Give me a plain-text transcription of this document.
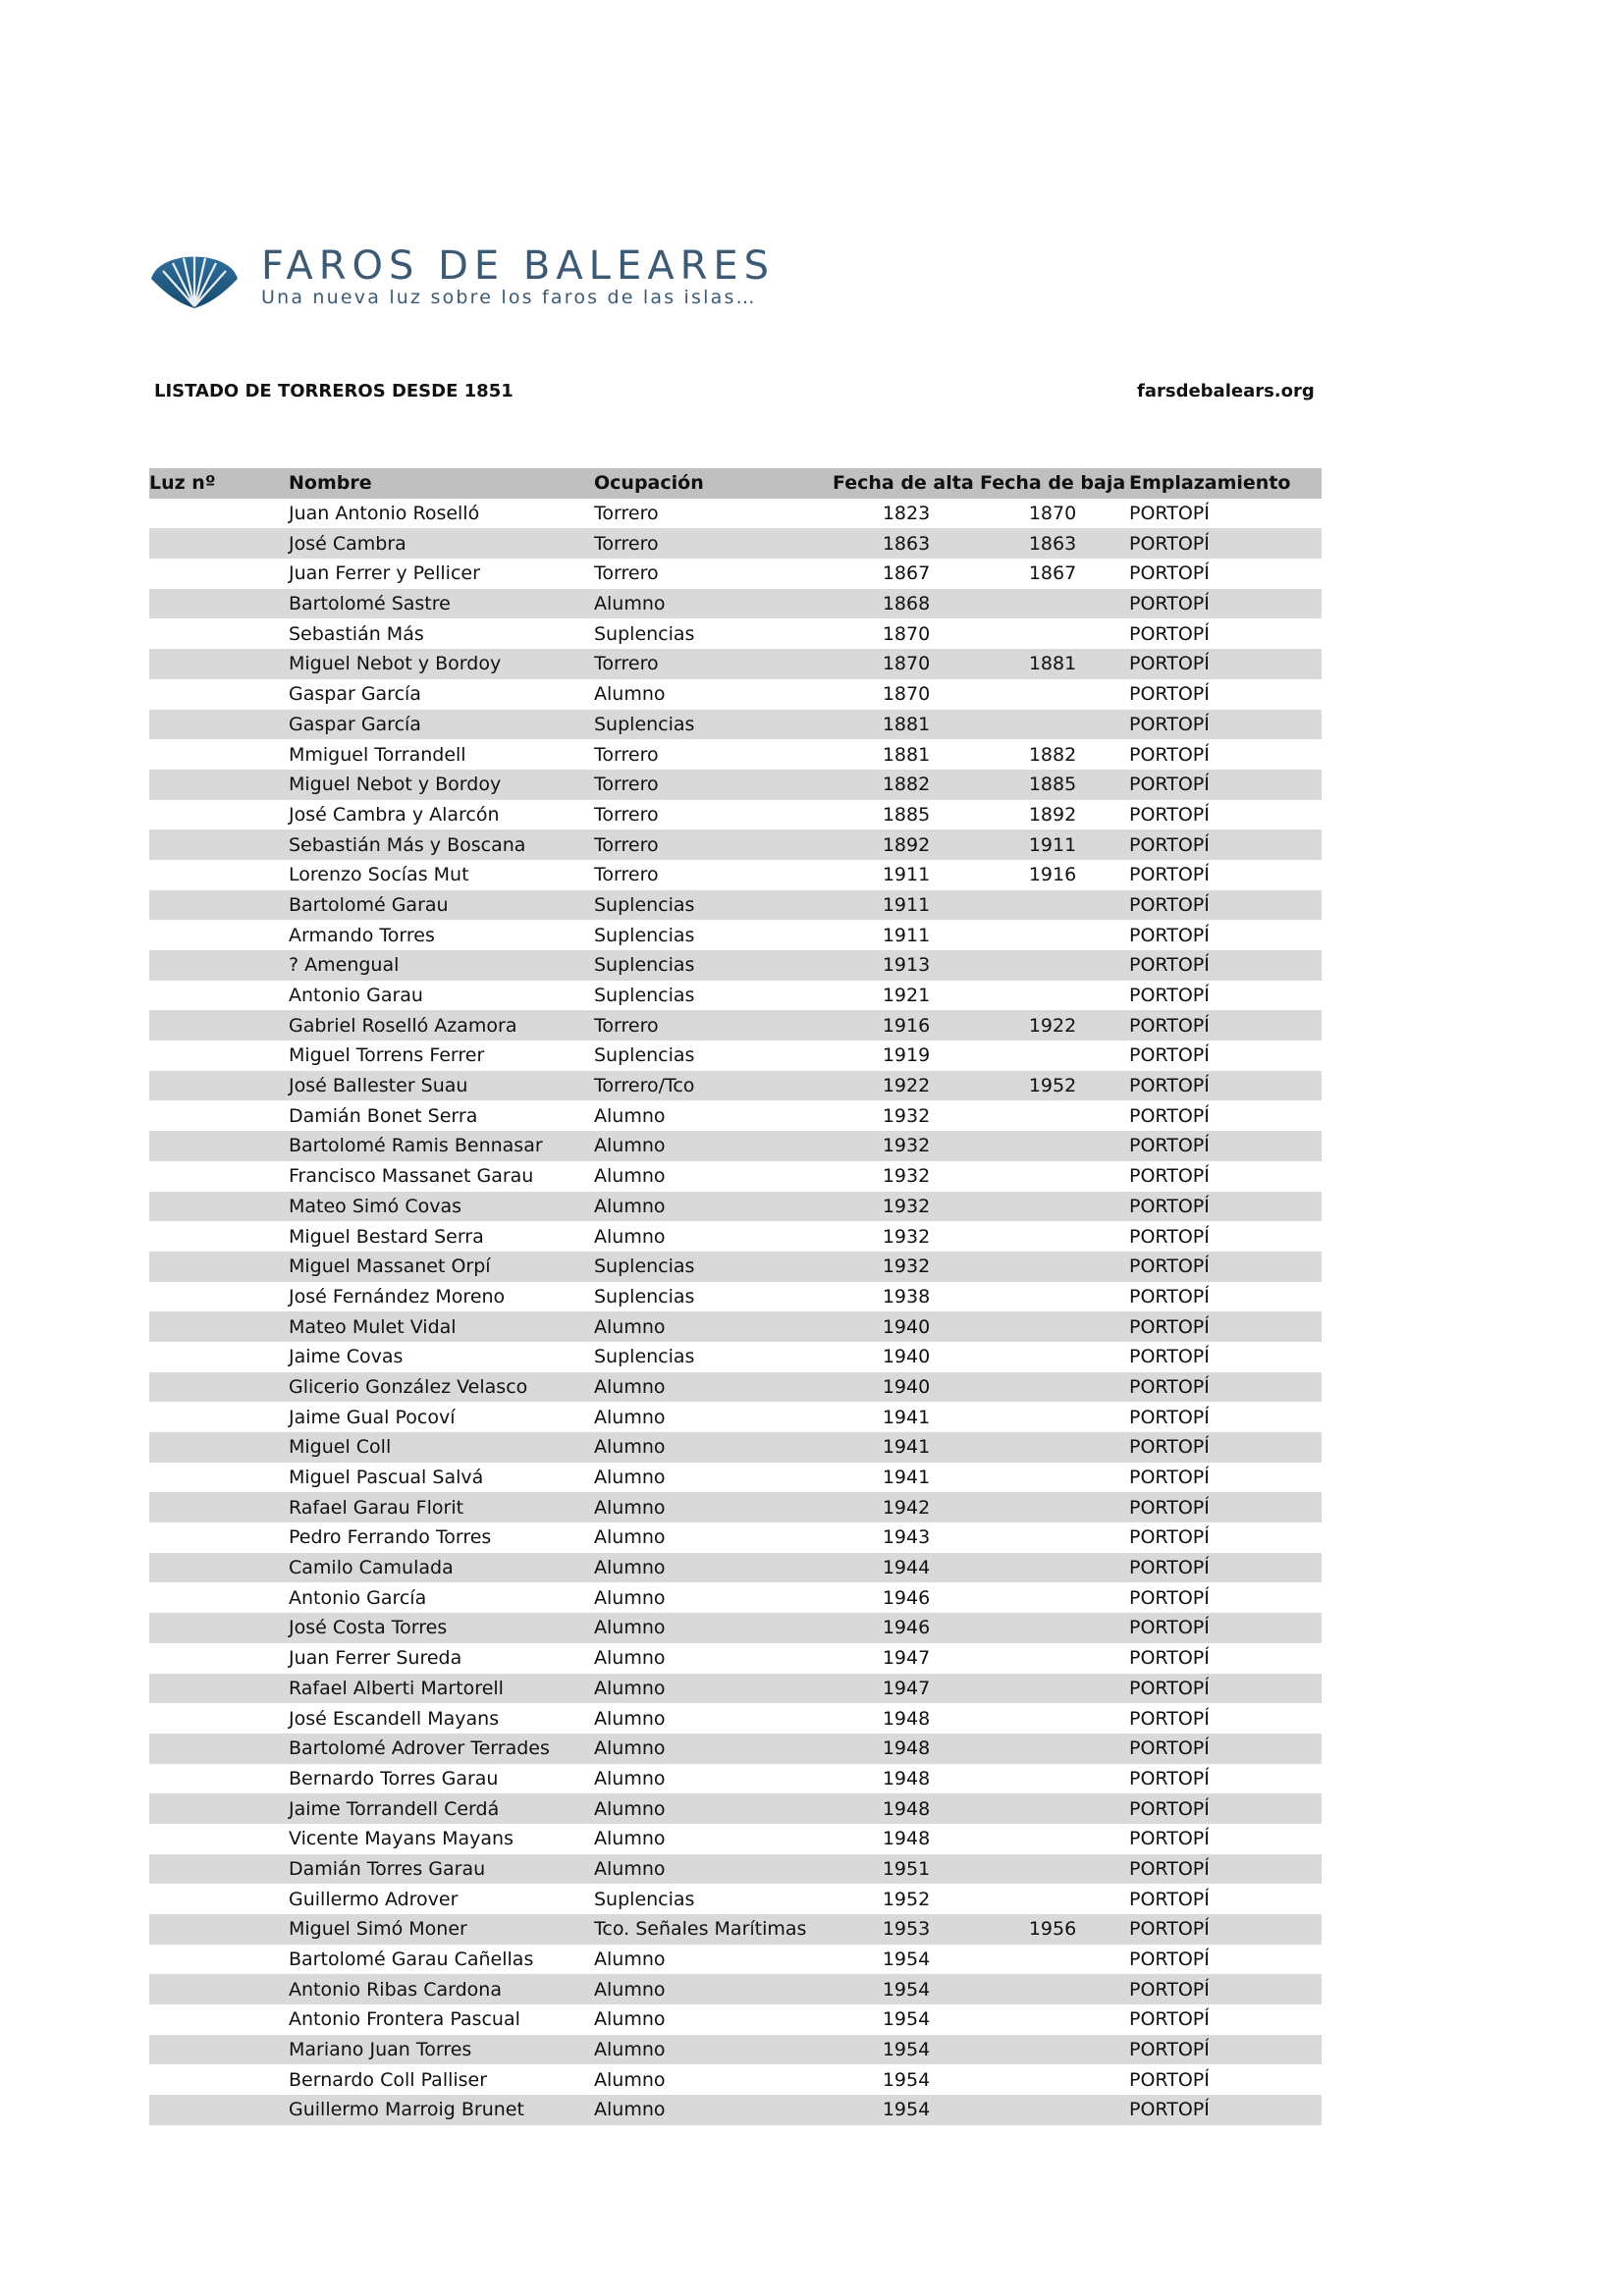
FAROS DE BALEARES
Una nueva luz sobre los faros de las islas…
LISTADO DE TORREROS DESDE 1851	farsdebalears.org
Luz nº	Nombre	Ocupación	Fecha de alta	Fecha de baja	Emplazamiento
	Juan Antonio Roselló	Torrero	1823	1870	PORTOPÍ
	José Cambra	Torrero	1863	1863	PORTOPÍ
	Juan Ferrer y Pellicer	Torrero	1867	1867	PORTOPÍ
	Bartolomé Sastre	Alumno	1868		PORTOPÍ
	Sebastián Más	Suplencias	1870		PORTOPÍ
	Miguel Nebot y Bordoy	Torrero	1870	1881	PORTOPÍ
	Gaspar García	Alumno	1870		PORTOPÍ
	Gaspar García	Suplencias	1881		PORTOPÍ
	Mmiguel Torrandell	Torrero	1881	1882	PORTOPÍ
	Miguel Nebot y Bordoy	Torrero	1882	1885	PORTOPÍ
	José Cambra y Alarcón	Torrero	1885	1892	PORTOPÍ
	Sebastián Más y Boscana	Torrero	1892	1911	PORTOPÍ
	Lorenzo Socías Mut	Torrero	1911	1916	PORTOPÍ
	Bartolomé Garau	Suplencias	1911		PORTOPÍ
	Armando Torres	Suplencias	1911		PORTOPÍ
	? Amengual	Suplencias	1913		PORTOPÍ
	Antonio Garau	Suplencias	1921		PORTOPÍ
	Gabriel Roselló Azamora	Torrero	1916	1922	PORTOPÍ
	Miguel Torrens Ferrer	Suplencias	1919		PORTOPÍ
	José Ballester Suau	Torrero/Tco	1922	1952	PORTOPÍ
	Damián Bonet Serra	Alumno	1932		PORTOPÍ
	Bartolomé Ramis Bennasar	Alumno	1932		PORTOPÍ
	Francisco Massanet Garau	Alumno	1932		PORTOPÍ
	Mateo Simó Covas	Alumno	1932		PORTOPÍ
	Miguel Bestard Serra	Alumno	1932		PORTOPÍ
	Miguel Massanet Orpí	Suplencias	1932		PORTOPÍ
	José Fernández Moreno	Suplencias	1938		PORTOPÍ
	Mateo Mulet Vidal	Alumno	1940		PORTOPÍ
	Jaime Covas	Suplencias	1940		PORTOPÍ
	Glicerio González Velasco	Alumno	1940		PORTOPÍ
	Jaime Gual Pocoví	Alumno	1941		PORTOPÍ
	Miguel Coll	Alumno	1941		PORTOPÍ
	Miguel Pascual Salvá	Alumno	1941		PORTOPÍ
	Rafael Garau Florit	Alumno	1942		PORTOPÍ
	Pedro Ferrando Torres	Alumno	1943		PORTOPÍ
	Camilo Camulada	Alumno	1944		PORTOPÍ
	Antonio García	Alumno	1946		PORTOPÍ
	José Costa Torres	Alumno	1946		PORTOPÍ
	Juan Ferrer Sureda	Alumno	1947		PORTOPÍ
	Rafael Alberti Martorell	Alumno	1947		PORTOPÍ
	José Escandell Mayans	Alumno	1948		PORTOPÍ
	Bartolomé Adrover Terrades	Alumno	1948		PORTOPÍ
	Bernardo Torres Garau	Alumno	1948		PORTOPÍ
	Jaime Torrandell Cerdá	Alumno	1948		PORTOPÍ
	Vicente Mayans Mayans	Alumno	1948		PORTOPÍ
	Damián Torres Garau	Alumno	1951		PORTOPÍ
	Guillermo Adrover	Suplencias	1952		PORTOPÍ
	Miguel Simó Moner	Tco. Señales Marítimas	1953	1956	PORTOPÍ
	Bartolomé Garau Cañellas	Alumno	1954		PORTOPÍ
	Antonio Ribas Cardona	Alumno	1954		PORTOPÍ
	Antonio Frontera Pascual	Alumno	1954		PORTOPÍ
	Mariano Juan Torres	Alumno	1954		PORTOPÍ
	Bernardo Coll Palliser	Alumno	1954		PORTOPÍ
	Guillermo Marroig Brunet	Alumno	1954		PORTOPÍ
